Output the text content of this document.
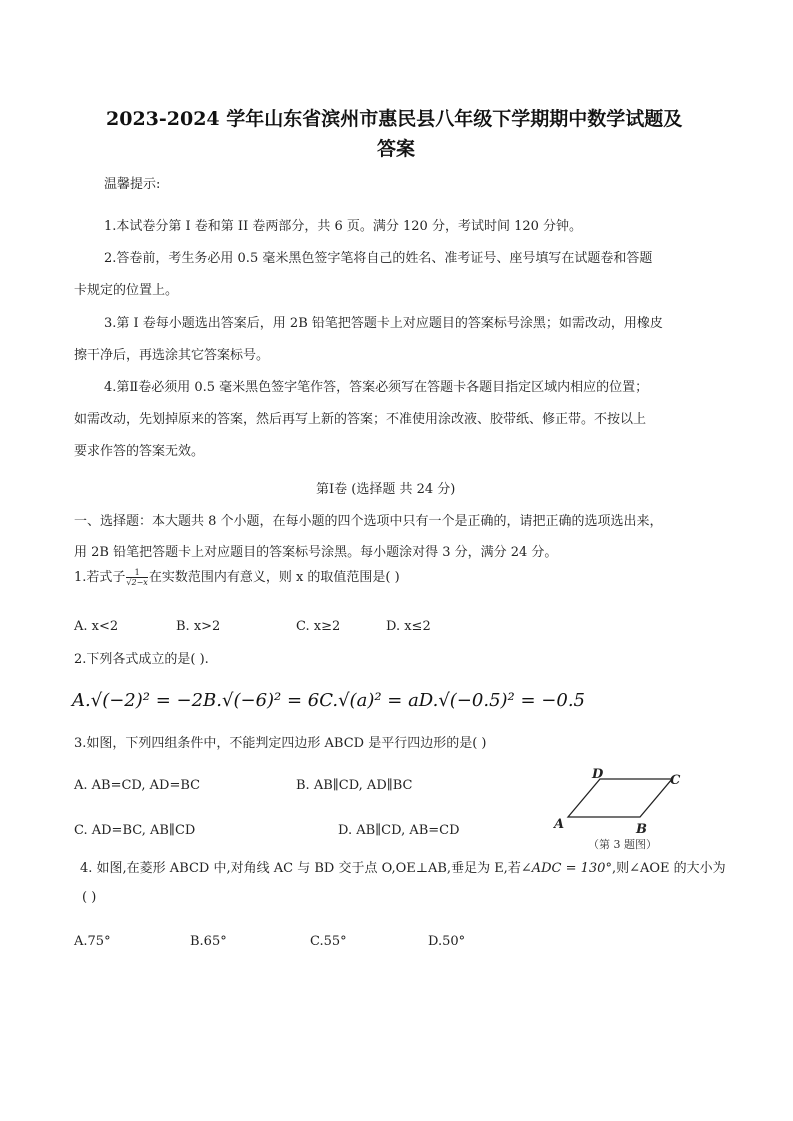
2023-2024 学年山东省滨州市惠民县八年级下学期期中数学试题及
答案
温馨提示:
1.本试卷分第 I 卷和第 II 卷两部分，共 6 页。满分 120 分，考试时间 120 分钟。
2.答卷前，考生务必用 0.5 毫米黑色签字笔将自己的姓名、准考证号、座号填写在试题卷和答题
卡规定的位置上。
3.第 I 卷每小题选出答案后，用 2B 铅笔把答题卡上对应题目的答案标号涂黑；如需改动，用橡皮
擦干净后，再选涂其它答案标号。
4.第Ⅱ卷必须用 0.5 毫米黑色签字笔作答，答案必须写在答题卡各题目指定区域内相应的位置；
如需改动，先划掉原来的答案，然后再写上新的答案；不准使用涂改液、胶带纸、修正带。不按以上
要求作答的答案无效。
第Ⅰ卷 (选择题 共 24 分)
一、选择题：本大题共 8 个小题，在每小题的四个选项中只有一个是正确的，请把正确的选项选出来，
用 2B 铅笔把答题卡上对应题目的答案标号涂黑。每小题涂对得 3 分，满分 24 分。
1.若式子 $\frac{1}{√2-x}$ 在实数范围内有意义，则 x 的取值范围是( )
A. x<2	B. x>2	C. x≥2	D. x≤2
2.下列各式成立的是( ).
A.√(−2)² = −2B.√(−6)² = 6C.√(a)² = aD.√(−0.5)² = −0.5
3.如图，下列四组条件中，不能判定四边形 ABCD 是平行四边形的是( )
A. AB=CD, AD=BC	B. AB∥CD, AD∥BC
C. AD=BC, AB∥CD	D. AB∥CD, AB=CD	A	B
C
D
（第 3 题图）
4. 如图,在菱形 ABCD 中,对角线 AC 与 BD 交于点 O,OE⊥AB,垂足为 E,若∠ADC = 130°,则∠AOE 的大小为
( )
A.75°	B.65°	C.55°	D.50°
